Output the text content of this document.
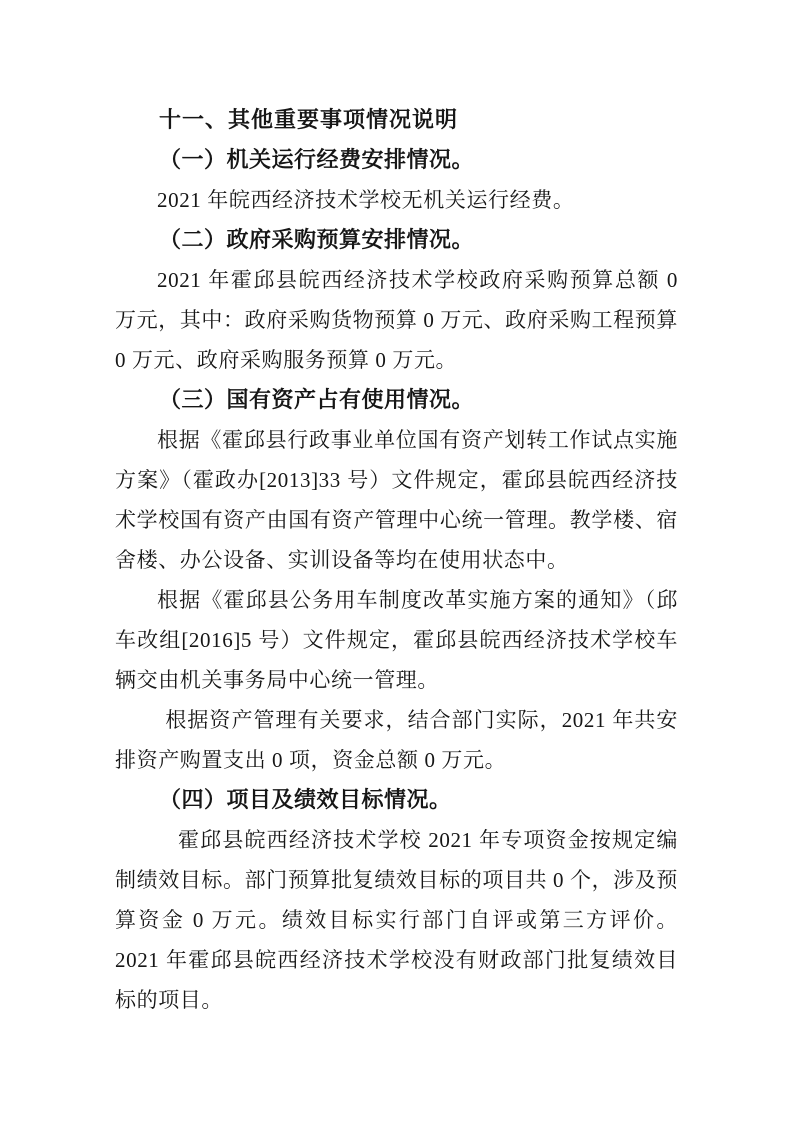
十一、其他重要事项情况说明

（一）机关运行经费安排情况。

2021 年皖西经济技术学校无机关运行经费。

（二）政府采购预算安排情况。

2021 年霍邱县皖西经济技术学校政府采购预算总额 0 万元，其中：政府采购货物预算 0 万元、政府采购工程预算 0 万元、政府采购服务预算 0 万元。

（三）国有资产占有使用情况。

根据《霍邱县行政事业单位国有资产划转工作试点实施方案》（霍政办[2013]33 号）文件规定，霍邱县皖西经济技术学校国有资产由国有资产管理中心统一管理。教学楼、宿舍楼、办公设备、实训设备等均在使用状态中。

根据《霍邱县公务用车制度改革实施方案的通知》（邱车改组[2016]5 号）文件规定，霍邱县皖西经济技术学校车辆交由机关事务局中心统一管理。

根据资产管理有关要求，结合部门实际，2021 年共安排资产购置支出 0 项，资金总额 0 万元。

（四）项目及绩效目标情况。

霍邱县皖西经济技术学校 2021 年专项资金按规定编制绩效目标。部门预算批复绩效目标的项目共 0 个，涉及预算资金 0 万元。绩效目标实行部门自评或第三方评价。2021 年霍邱县皖西经济技术学校没有财政部门批复绩效目标的项目。
